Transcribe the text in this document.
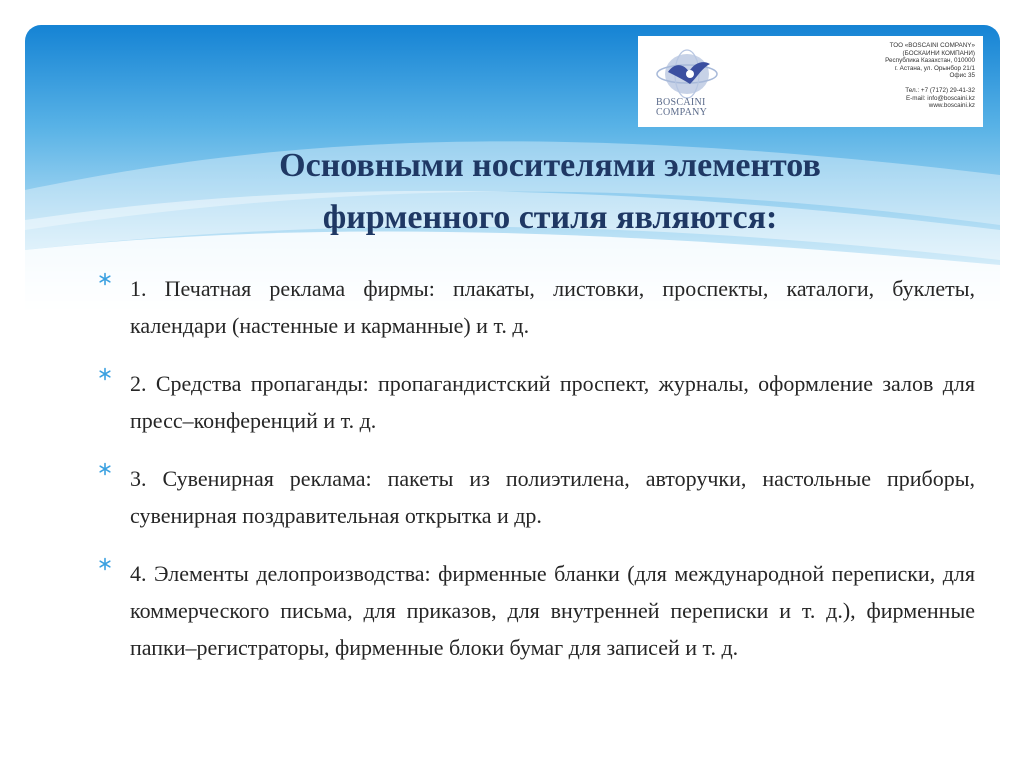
BOSCAINI
COMPANY
ТОО «BOSCAINI COMPANY»
(БОСКАИНИ КОМПАНИ)
Республика Казахстан, 010000
г. Астана, ул. Орынбор 21/1
Офис 35
Тел.: +7 (7172) 29-41-32
E-mail: info@boscaini.kz
www.boscaini.kz
Основными носителями элементов
фирменного стиля являются:
1. Печатная реклама фирмы: плакаты, листовки, проспекты, каталоги, буклеты, календари (настенные и карманные) и т. д.
2. Средства пропаганды: пропагандистский проспект, журналы, оформление залов для пресс–конференций и т. д.
3. Сувенирная реклама: пакеты из полиэтилена, авторучки, настольные приборы, сувенирная поздравительная открытка и др.
4. Элементы делопроизводства: фирменные бланки (для международной переписки, для коммерческого письма, для приказов, для внутренней переписки и т. д.), фирменные папки–регистраторы, фирменные блоки бумаг для записей и т. д.
